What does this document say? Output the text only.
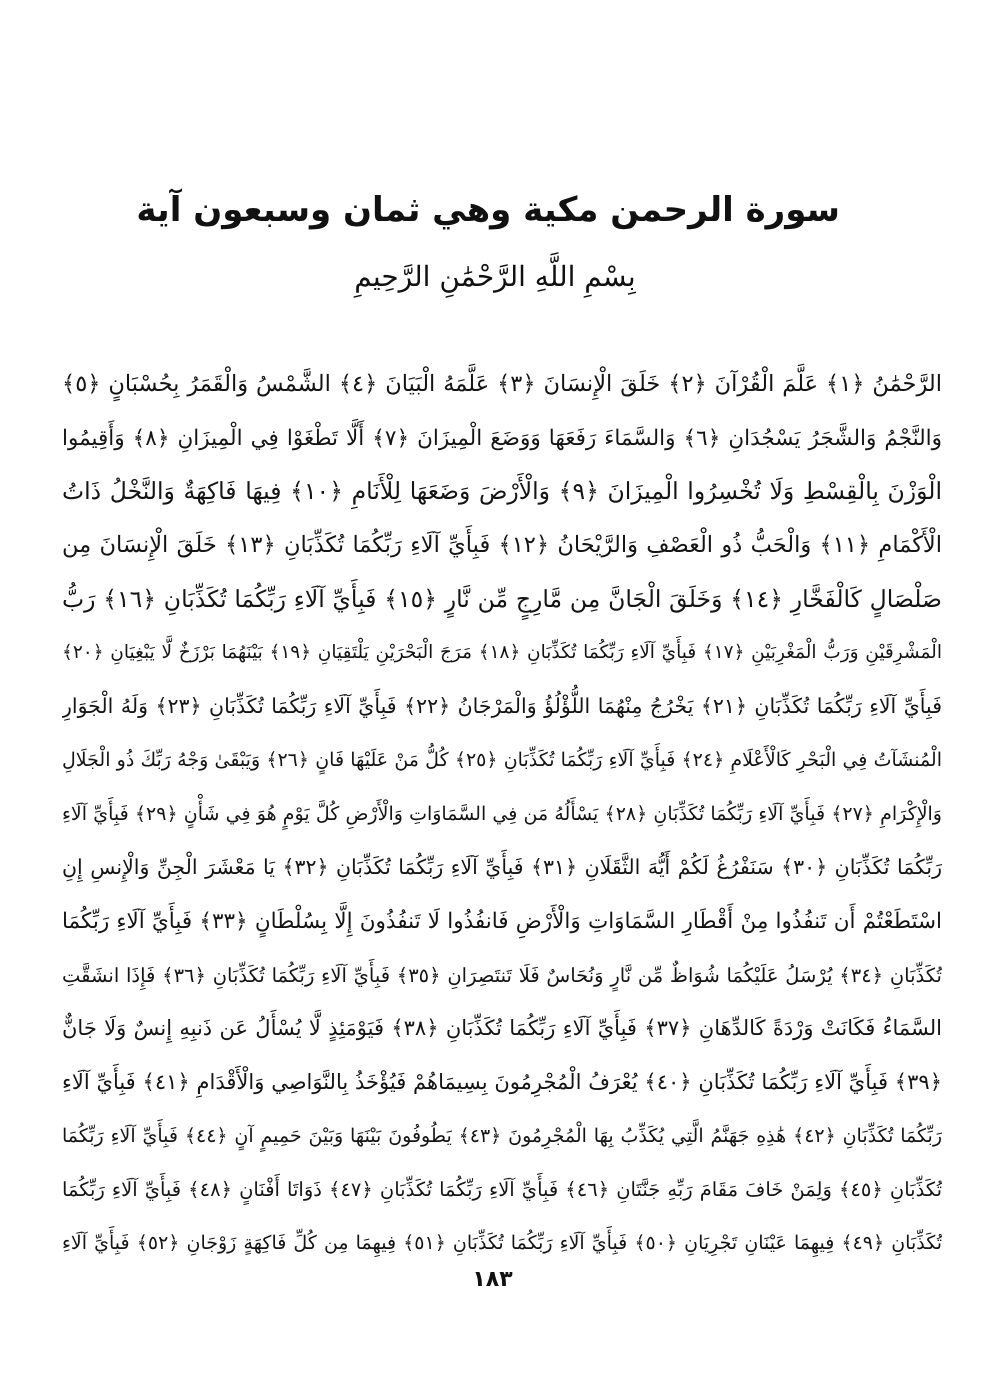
سورة الرحمن مكية وهي ثمان وسبعون آية
بِسْمِ اللَّهِ الرَّحْمَٰنِ الرَّحِيمِ
الرَّحْمَٰنُ ﴿١﴾ عَلَّمَ الْقُرْآنَ ﴿٢﴾ خَلَقَ الْإِنسَانَ ﴿٣﴾ عَلَّمَهُ الْبَيَانَ ﴿٤﴾ الشَّمْسُ وَالْقَمَرُ بِحُسْبَانٍ ﴿٥﴾
وَالنَّجْمُ وَالشَّجَرُ يَسْجُدَانِ ﴿٦﴾ وَالسَّمَاءَ رَفَعَهَا وَوَضَعَ الْمِيزَانَ ﴿٧﴾ أَلَّا تَطْغَوْا فِي الْمِيزَانِ ﴿٨﴾ وَأَقِيمُوا
الْوَزْنَ بِالْقِسْطِ وَلَا تُخْسِرُوا الْمِيزَانَ ﴿٩﴾ وَالْأَرْضَ وَضَعَهَا لِلْأَنَامِ ﴿١٠﴾ فِيهَا فَاكِهَةٌ وَالنَّخْلُ ذَاتُ
الْأَكْمَامِ ﴿١١﴾ وَالْحَبُّ ذُو الْعَصْفِ وَالرَّيْحَانُ ﴿١٢﴾ فَبِأَيِّ آلَاءِ رَبِّكُمَا تُكَذِّبَانِ ﴿١٣﴾ خَلَقَ الْإِنسَانَ مِن
صَلْصَالٍ كَالْفَخَّارِ ﴿١٤﴾ وَخَلَقَ الْجَانَّ مِن مَّارِجٍ مِّن نَّارٍ ﴿١٥﴾ فَبِأَيِّ آلَاءِ رَبِّكُمَا تُكَذِّبَانِ ﴿١٦﴾ رَبُّ
الْمَشْرِقَيْنِ وَرَبُّ الْمَغْرِبَيْنِ ﴿١٧﴾ فَبِأَيِّ آلَاءِ رَبِّكُمَا تُكَذِّبَانِ ﴿١٨﴾ مَرَجَ الْبَحْرَيْنِ يَلْتَقِيَانِ ﴿١٩﴾ بَيْنَهُمَا بَرْزَخٌ لَّا يَبْغِيَانِ ﴿٢٠﴾
فَبِأَيِّ آلَاءِ رَبِّكُمَا تُكَذِّبَانِ ﴿٢١﴾ يَخْرُجُ مِنْهُمَا اللُّؤْلُؤُ وَالْمَرْجَانُ ﴿٢٢﴾ فَبِأَيِّ آلَاءِ رَبِّكُمَا تُكَذِّبَانِ ﴿٢٣﴾ وَلَهُ الْجَوَارِ
الْمُنشَآتُ فِي الْبَحْرِ كَالْأَعْلَامِ ﴿٢٤﴾ فَبِأَيِّ آلَاءِ رَبِّكُمَا تُكَذِّبَانِ ﴿٢٥﴾ كُلُّ مَنْ عَلَيْهَا فَانٍ ﴿٢٦﴾ وَيَبْقَىٰ وَجْهُ رَبِّكَ ذُو الْجَلَالِ
وَالْإِكْرَامِ ﴿٢٧﴾ فَبِأَيِّ آلَاءِ رَبِّكُمَا تُكَذِّبَانِ ﴿٢٨﴾ يَسْأَلُهُ مَن فِي السَّمَاوَاتِ وَالْأَرْضِ كُلَّ يَوْمٍ هُوَ فِي شَأْنٍ ﴿٢٩﴾ فَبِأَيِّ آلَاءِ
رَبِّكُمَا تُكَذِّبَانِ ﴿٣٠﴾ سَنَفْرُغُ لَكُمْ أَيُّهَ الثَّقَلَانِ ﴿٣١﴾ فَبِأَيِّ آلَاءِ رَبِّكُمَا تُكَذِّبَانِ ﴿٣٢﴾ يَا مَعْشَرَ الْجِنِّ وَالْإِنسِ إِنِ
اسْتَطَعْتُمْ أَن تَنفُذُوا مِنْ أَقْطَارِ السَّمَاوَاتِ وَالْأَرْضِ فَانفُذُوا لَا تَنفُذُونَ إِلَّا بِسُلْطَانٍ ﴿٣٣﴾ فَبِأَيِّ آلَاءِ رَبِّكُمَا
تُكَذِّبَانِ ﴿٣٤﴾ يُرْسَلُ عَلَيْكُمَا شُوَاظٌ مِّن نَّارٍ وَنُحَاسٌ فَلَا تَنتَصِرَانِ ﴿٣٥﴾ فَبِأَيِّ آلَاءِ رَبِّكُمَا تُكَذِّبَانِ ﴿٣٦﴾ فَإِذَا انشَقَّتِ
السَّمَاءُ فَكَانَتْ وَرْدَةً كَالدِّهَانِ ﴿٣٧﴾ فَبِأَيِّ آلَاءِ رَبِّكُمَا تُكَذِّبَانِ ﴿٣٨﴾ فَيَوْمَئِذٍ لَّا يُسْأَلُ عَن ذَنبِهِ إِنسٌ وَلَا جَانٌّ
﴿٣٩﴾ فَبِأَيِّ آلَاءِ رَبِّكُمَا تُكَذِّبَانِ ﴿٤٠﴾ يُعْرَفُ الْمُجْرِمُونَ بِسِيمَاهُمْ فَيُؤْخَذُ بِالنَّوَاصِي وَالْأَقْدَامِ ﴿٤١﴾ فَبِأَيِّ آلَاءِ
رَبِّكُمَا تُكَذِّبَانِ ﴿٤٢﴾ هَٰذِهِ جَهَنَّمُ الَّتِي يُكَذِّبُ بِهَا الْمُجْرِمُونَ ﴿٤٣﴾ يَطُوفُونَ بَيْنَهَا وَبَيْنَ حَمِيمٍ آنٍ ﴿٤٤﴾ فَبِأَيِّ آلَاءِ رَبِّكُمَا
تُكَذِّبَانِ ﴿٤٥﴾ وَلِمَنْ خَافَ مَقَامَ رَبِّهِ جَنَّتَانِ ﴿٤٦﴾ فَبِأَيِّ آلَاءِ رَبِّكُمَا تُكَذِّبَانِ ﴿٤٧﴾ ذَوَاتَا أَفْنَانٍ ﴿٤٨﴾ فَبِأَيِّ آلَاءِ رَبِّكُمَا
تُكَذِّبَانِ ﴿٤٩﴾ فِيهِمَا عَيْنَانِ تَجْرِيَانِ ﴿٥٠﴾ فَبِأَيِّ آلَاءِ رَبِّكُمَا تُكَذِّبَانِ ﴿٥١﴾ فِيهِمَا مِن كُلِّ فَاكِهَةٍ زَوْجَانِ ﴿٥٢﴾ فَبِأَيِّ آلَاءِ
١٨٣
